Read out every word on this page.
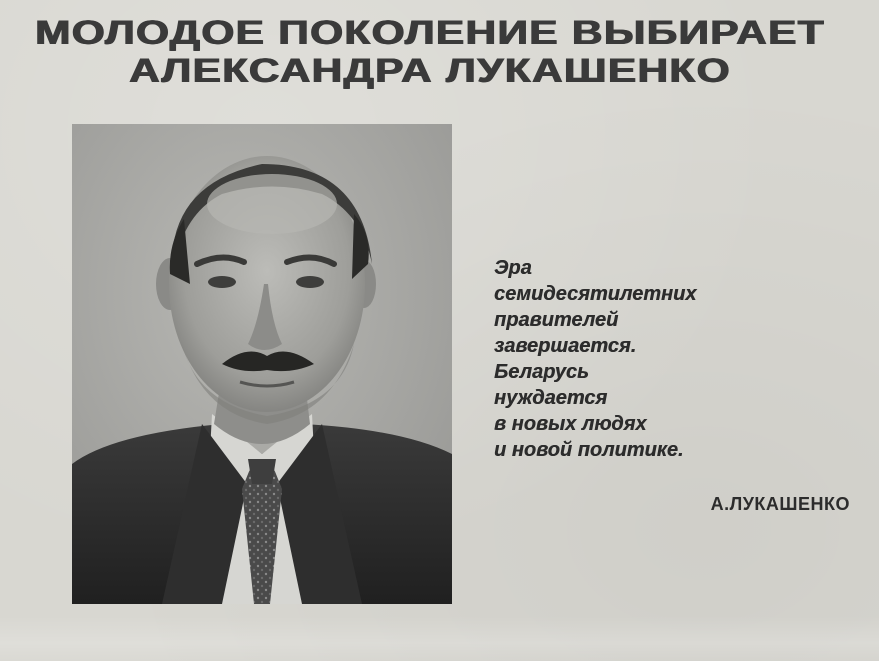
МОЛОДОЕ ПОКОЛЕНИЕ ВЫБИРАЕТ
АЛЕКСАНДРА ЛУКАШЕНКО
Эра
семидесятилетних
правителей
завершается.
Беларусь
нуждается
в новых людях
и новой политике.
А.ЛУКАШЕНКО
